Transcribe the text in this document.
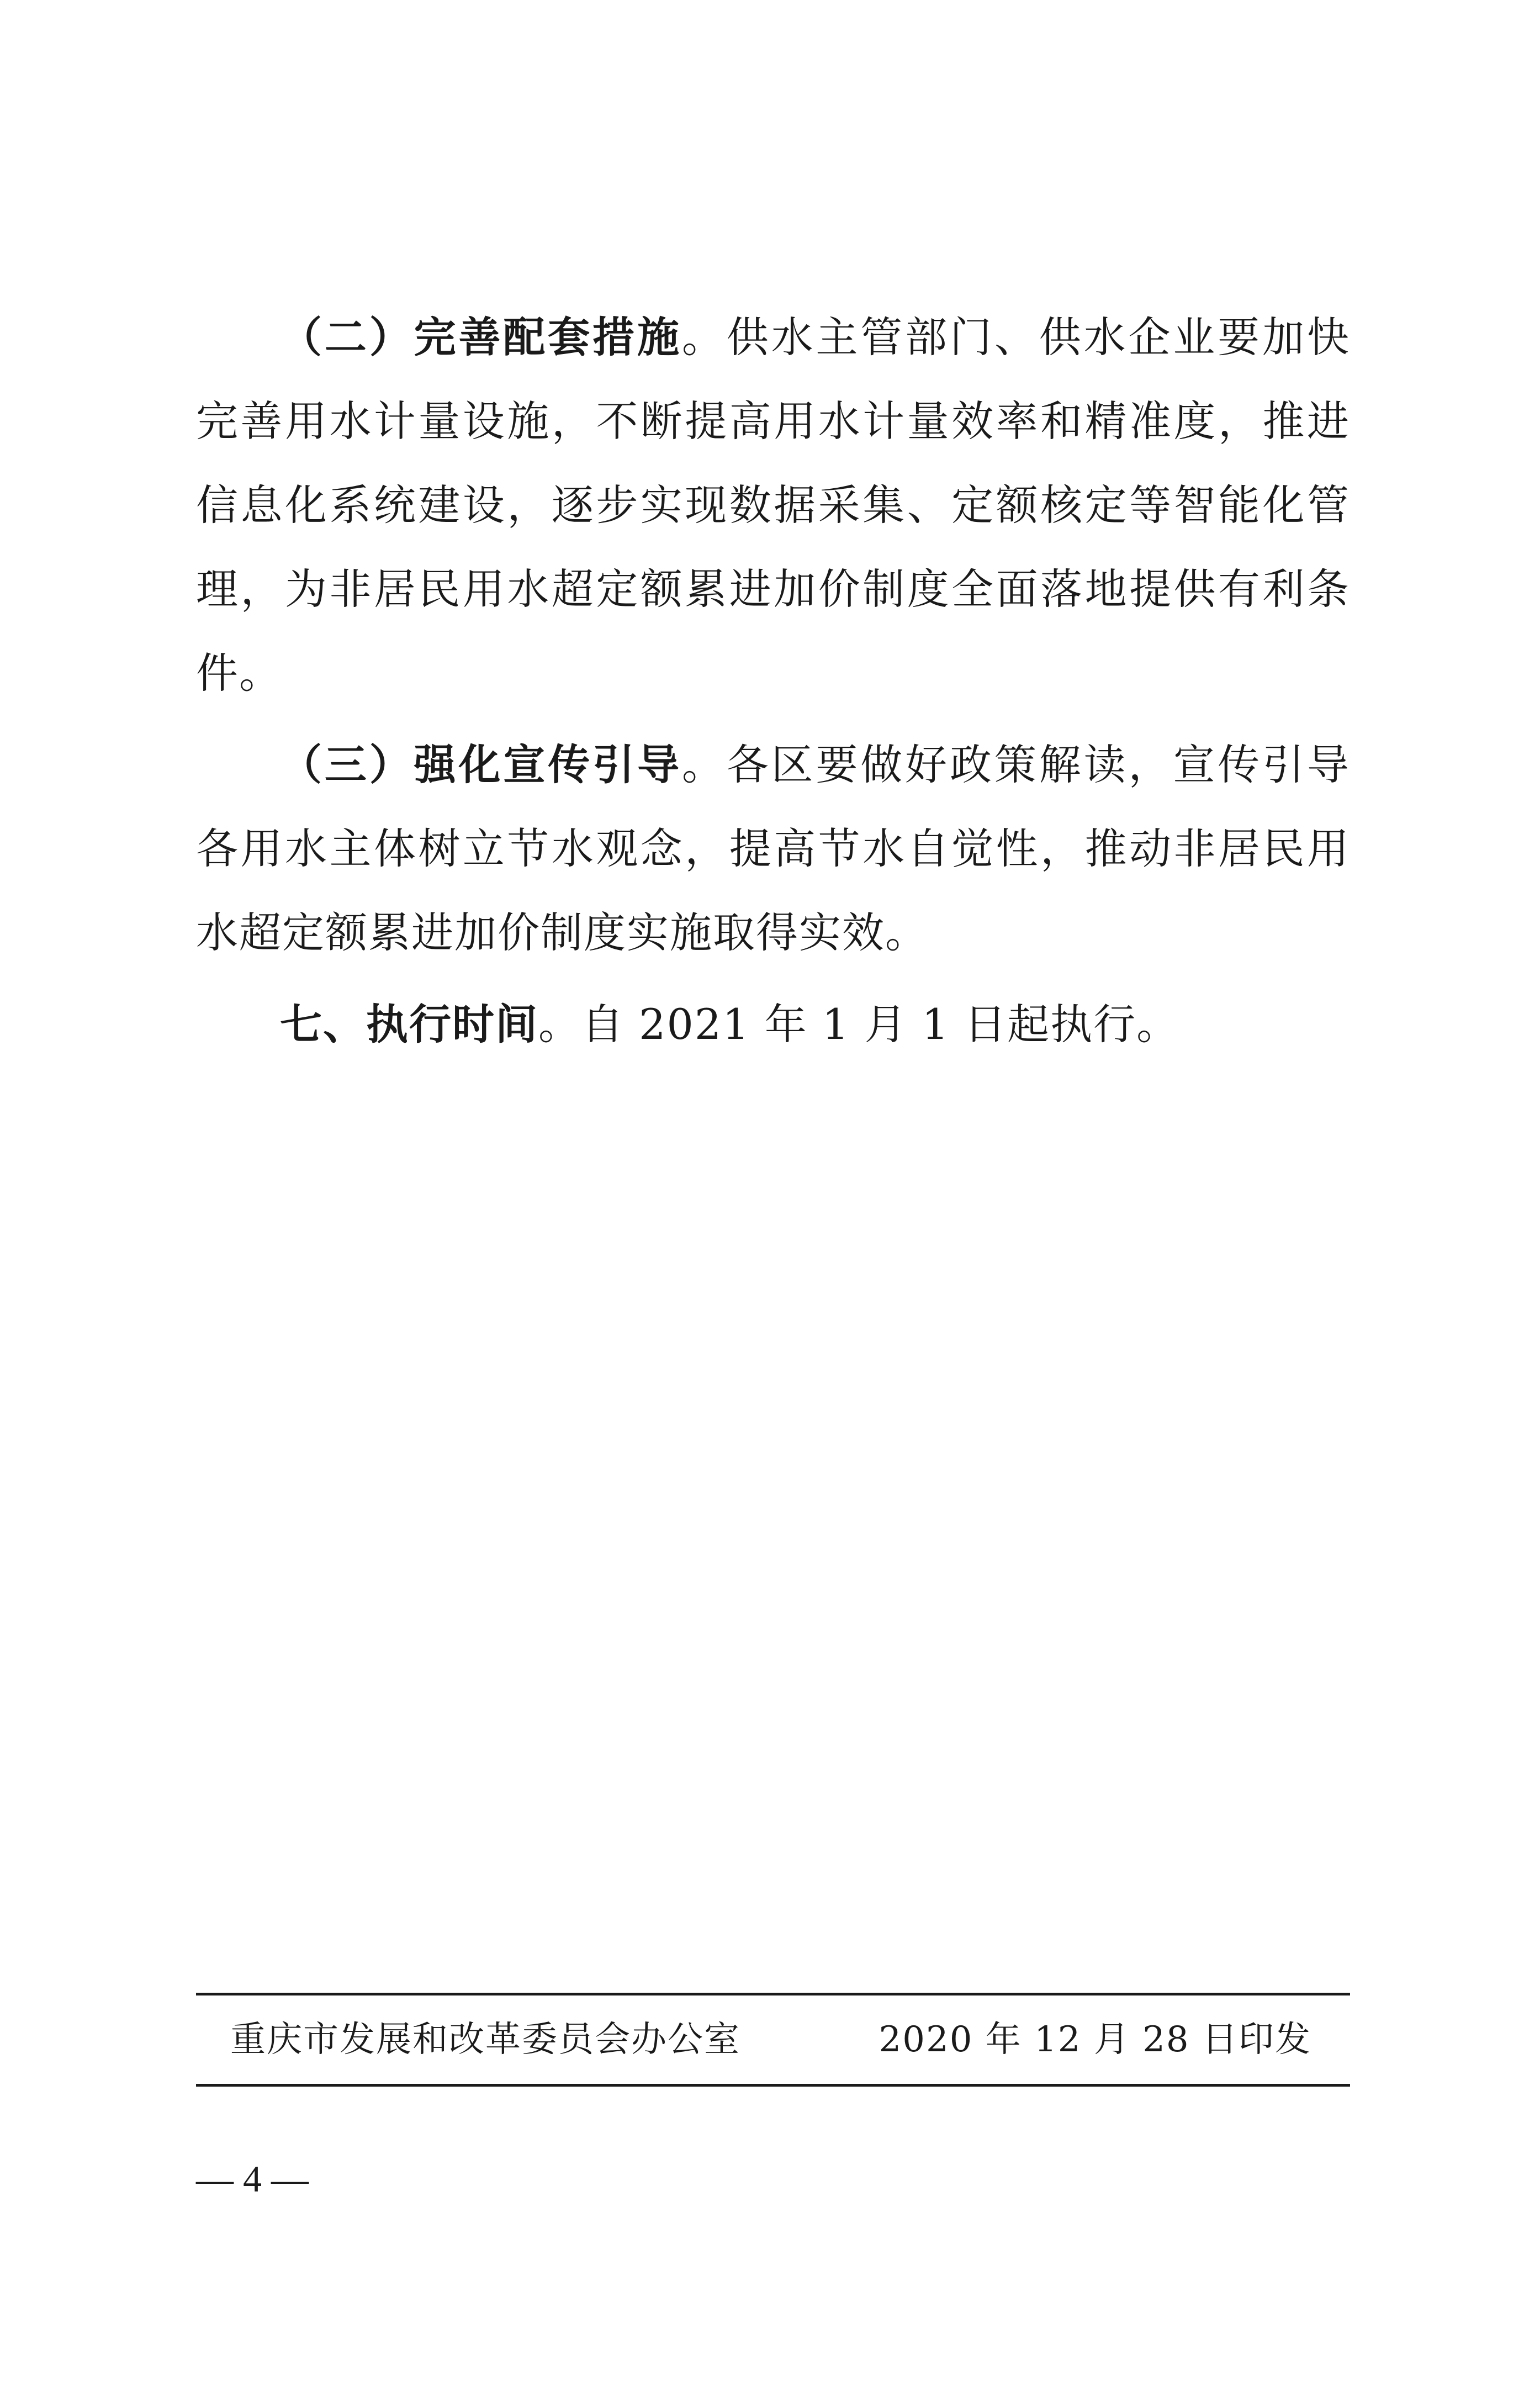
（二）完善配套措施。供水主管部门、供水企业要加快完善用水计量设施，不断提高用水计量效率和精准度，推进信息化系统建设，逐步实现数据采集、定额核定等智能化管理，为非居民用水超定额累进加价制度全面落地提供有利条件。

（三）强化宣传引导。各区要做好政策解读，宣传引导各用水主体树立节水观念，提高节水自觉性，推动非居民用水超定额累进加价制度实施取得实效。

七、执行时间。自 2021 年 1 月 1 日起执行。

重庆市发展和改革委员会办公室	2020 年 12 月 28 日印发
— 4 —
